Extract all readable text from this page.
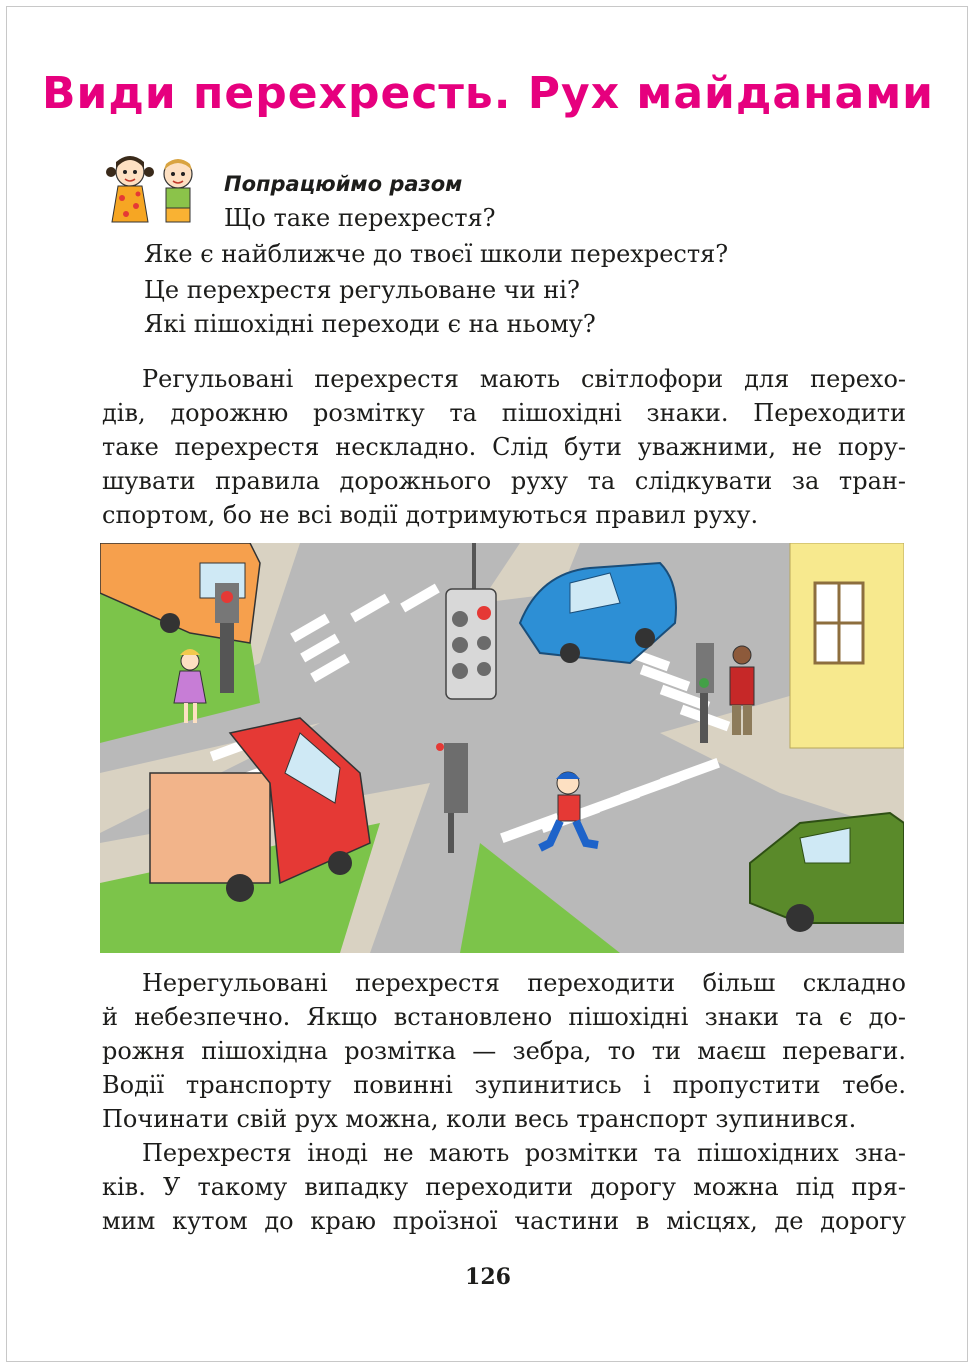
Види перехресть. Рух майданами
Попрацюймо разом
Що таке перехрестя?
Яке є найближче до твоєї школи перехрестя?
Це перехрестя регульоване чи ні?
Які пішохідні переходи є на ньому?

Регульовані перехрестя мають світлофори для перехо-

дів, дорожню розмітку та пішохідні знаки. Переходити

таке перехрестя нескладно. Слід бути уважними, не пору-

шувати правила дорожнього руху та слідкувати за тран-

спортом, бо не всі водії дотримуються правил руху.

Нерегульовані перехрестя переходити більш складно

й небезпечно. Якщо встановлено пішохідні знаки та є до-

рожня пішохідна розмітка — зебра, то ти маєш переваги.

Водії транспорту повинні зупинитись і пропустити тебе.

Починати свій рух можна, коли весь транспорт зупинився.

Перехрестя іноді не мають розмітки та пішохідних зна-

ків. У такому випадку переходити дорогу можна під пря-

мим кутом до краю проїзної частини в місцях, де дорогу

126
